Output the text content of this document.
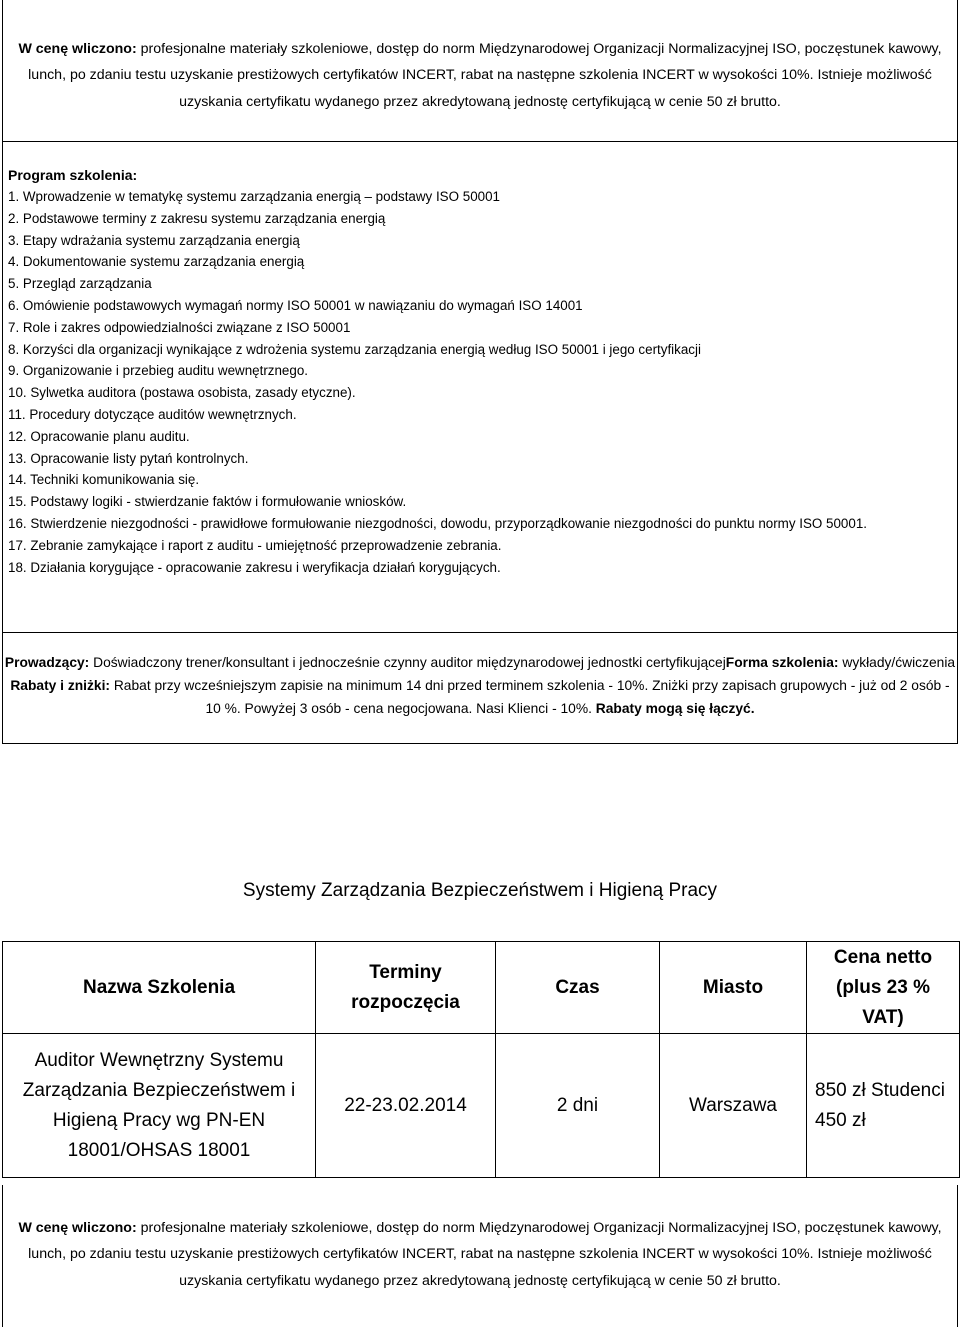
W cenę wliczono: profesjonalne materiały szkoleniowe, dostęp do norm Międzynarodowej Organizacji Normalizacyjnej ISO, poczęstunek kawowy, lunch, po zdaniu testu uzyskanie prestiżowych certyfikatów INCERT, rabat na następne szkolenia INCERT w wysokości 10%. Istnieje możliwość uzyskania certyfikatu wydanego przez akredytowaną jednostę certyfikującą w cenie 50 zł brutto.
Program szkolenia:
1. Wprowadzenie w tematykę systemu zarządzania energią – podstawy ISO 50001
2. Podstawowe terminy z zakresu systemu zarządzania energią
3. Etapy wdrażania systemu zarządzania energią
4. Dokumentowanie systemu zarządzania energią
5. Przegląd zarządzania
6. Omówienie podstawowych wymagań normy ISO 50001 w nawiązaniu do wymagań ISO 14001
7. Role i zakres odpowiedzialności związane z ISO 50001
8. Korzyści dla organizacji wynikające z wdrożenia systemu zarządzania energią według ISO 50001 i jego certyfikacji
9. Organizowanie i przebieg auditu wewnętrznego.
10. Sylwetka auditora (postawa osobista, zasady etyczne).
11. Procedury dotyczące auditów wewnętrznych.
12. Opracowanie planu auditu.
13. Opracowanie listy pytań kontrolnych.
14. Techniki komunikowania się.
15. Podstawy logiki - stwierdzanie faktów i formułowanie wniosków.
16. Stwierdzenie niezgodności - prawidłowe formułowanie niezgodności, dowodu, przyporządkowanie niezgodności do punktu normy ISO 50001.
17. Zebranie zamykające i raport z auditu - umiejętność przeprowadzenie zebrania.
18. Działania korygujące - opracowanie zakresu i weryfikacja działań korygujących.
Prowadzący: Doświadczony trener/konsultant i jednocześnie czynny auditor międzynarodowej jednostki certyfikującejForma szkolenia: wykłady/ćwiczenia Rabaty i zniżki: Rabat przy wcześniejszym zapisie na minimum 14 dni przed terminem szkolenia - 10%. Zniżki przy zapisach grupowych - już od 2 osób - 10 %. Powyżej 3 osób - cena negocjowana. Nasi Klienci - 10%. Rabaty mogą się łączyć.
Systemy Zarządzania Bezpieczeństwem i Higieną Pracy
Nazwa Szkolenia	Terminy rozpoczęcia	Czas	Miasto	Cena netto (plus 23 % VAT)
Auditor Wewnętrzny Systemu Zarządzania Bezpieczeństwem i Higieną Pracy wg PN-EN 18001/OHSAS 18001	22-23.02.2014	2 dni	Warszawa	850 zł Studenci 450 zł
W cenę wliczono: profesjonalne materiały szkoleniowe, dostęp do norm Międzynarodowej Organizacji Normalizacyjnej ISO, poczęstunek kawowy, lunch, po zdaniu testu uzyskanie prestiżowych certyfikatów INCERT, rabat na następne szkolenia INCERT w wysokości 10%. Istnieje możliwość uzyskania certyfikatu wydanego przez akredytowaną jednostę certyfikującą w cenie 50 zł brutto.
